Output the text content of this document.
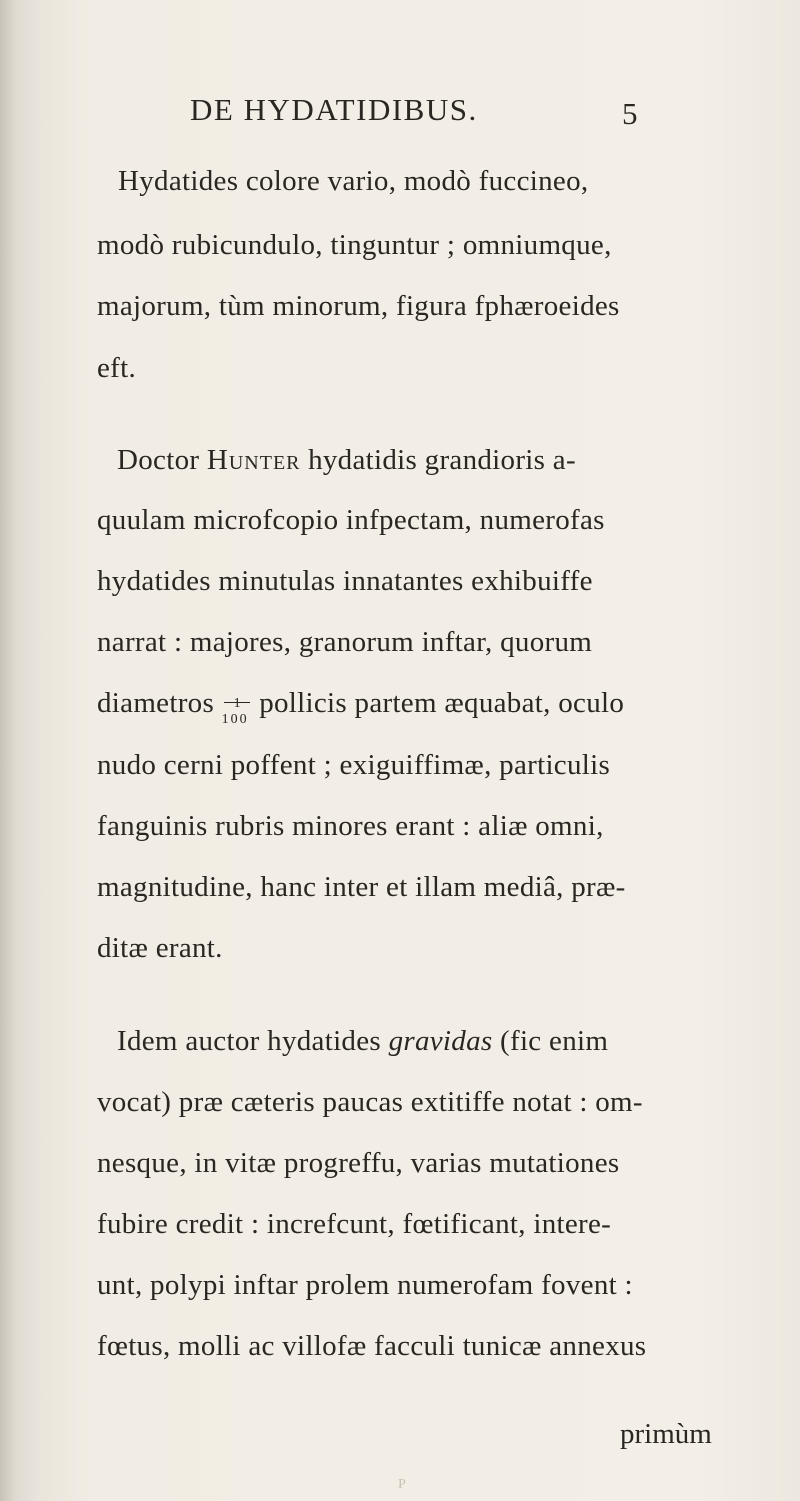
DE HYDATIDIBUS.	5
Hydatides colore vario, modò fuccineo,
modò rubicundulo, tinguntur ; omniumque,
majorum, tùm minorum, figura fphæroeides
eft.
Doctor Hunter hydatidis grandioris a-
quulam microfcopio infpectam, numerofas
hydatides minutulas innatantes exhibuiffe
narrat : majores, granorum inftar, quorum
diametros 1
100
pollicis partem æquabat, oculo
nudo cerni poffent ; exiguiffimæ, particulis
fanguinis rubris minores erant : aliæ omni,
magnitudine, hanc inter et illam mediâ, præ-
ditæ erant.
Idem auctor hydatides gravidas (fic enim
vocat) præ cæteris paucas extitiffe notat : om-
nesque, in vitæ progreffu, varias mutationes
fubire credit : increfcunt, fœtificant, intere-
unt, polypi inftar prolem numerofam fovent :
fœtus, molli ac villofæ facculi tunicæ annexus
primùm
P
